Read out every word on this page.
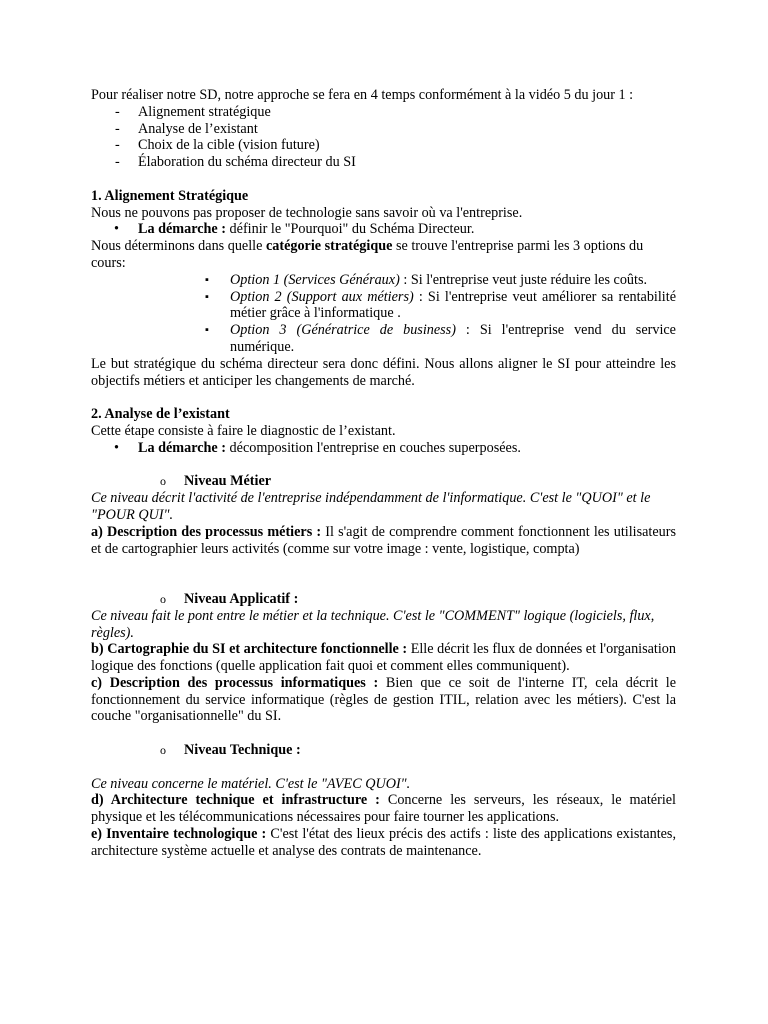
Pour réaliser notre SD, notre approche se fera en 4 temps conformément à la vidéo 5 du jour 1 :

- Alignement stratégique
- Analyse de l’existant
- Choix de la cible (vision future)
- Élaboration du schéma directeur du SI

1. Alignement Stratégique

Nous ne pouvons pas proposer de technologie sans savoir où va l'entreprise.

• La démarche : définir le "Pourquoi" du Schéma Directeur.

Nous déterminons dans quelle catégorie stratégique se trouve l'entreprise parmi les 3 options du cours:

▪ Option 1 (Services Généraux) : Si l'entreprise veut juste réduire les coûts.
▪ Option 2 (Support aux métiers) : Si l'entreprise veut améliorer sa rentabilité métier grâce à l'informatique .
▪ Option 3 (Génératrice de business) : Si l'entreprise vend du service numérique.

Le but stratégique du schéma directeur sera donc défini. Nous allons aligner le SI pour atteindre les objectifs métiers et anticiper les changements de marché.

2. Analyse de l’existant

Cette étape consiste à faire le diagnostic de l’existant.

• La démarche : décomposition l'entreprise en couches superposées.

o Niveau Métier

Ce niveau décrit l'activité de l'entreprise indépendamment de l'informatique. C'est le "QUOI" et le "POUR QUI".

a) Description des processus métiers : Il s'agit de comprendre comment fonctionnent les utilisateurs et de cartographier leurs activités (comme sur votre image : vente, logistique, compta)

o Niveau Applicatif :

Ce niveau fait le pont entre le métier et la technique. C'est le "COMMENT" logique (logiciels, flux, règles).

b) Cartographie du SI et architecture fonctionnelle : Elle décrit les flux de données et l'organisation logique des fonctions (quelle application fait quoi et comment elles communiquent).

c) Description des processus informatiques : Bien que ce soit de l'interne IT, cela décrit le fonctionnement du service informatique (règles de gestion ITIL, relation avec les métiers). C'est la couche "organisationnelle" du SI.

o Niveau Technique :

Ce niveau concerne le matériel. C'est le "AVEC QUOI".

d) Architecture technique et infrastructure : Concerne les serveurs, les réseaux, le matériel physique et les télécommunications nécessaires pour faire tourner les applications.

e) Inventaire technologique : C'est l'état des lieux précis des actifs : liste des applications existantes, architecture système actuelle et analyse des contrats de maintenance.
